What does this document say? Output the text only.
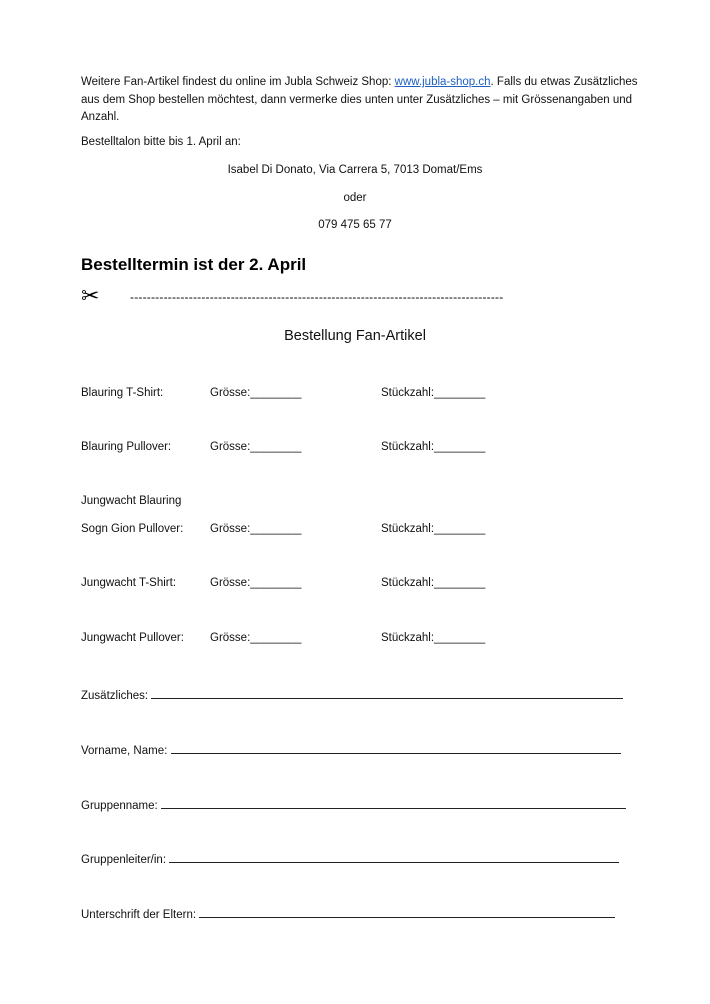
Weitere Fan-Artikel findest du online im Jubla Schweiz Shop: www.jubla-shop.ch. Falls du etwas Zusätzliches aus dem Shop bestellen möchtest, dann vermerke dies unten unter Zusätzliches – mit Grössenangaben und Anzahl.

Bestelltalon bitte bis 1. April an:

Isabel Di Donato, Via Carrera 5, 7013 Domat/Ems
oder
079 475 65 77
Bestelltermin ist der 2. April
✂	-----------------------------------------------------------------------------------------
Bestellung Fan-Artikel
Blauring T-Shirt:	Grösse:________	Stückzahl:________
Blauring Pullover:	Grösse:________	Stückzahl:________
Jungwacht Blauring
Sogn Gion Pullover: Grösse:________	Stückzahl:________
Jungwacht T-Shirt:	Grösse:________	Stückzahl:________
Jungwacht Pullover: Grösse:________	Stückzahl:________
Zusätzliches:
Vorname, Name:
Gruppenname:
Gruppenleiter/in:
Unterschrift der Eltern:
